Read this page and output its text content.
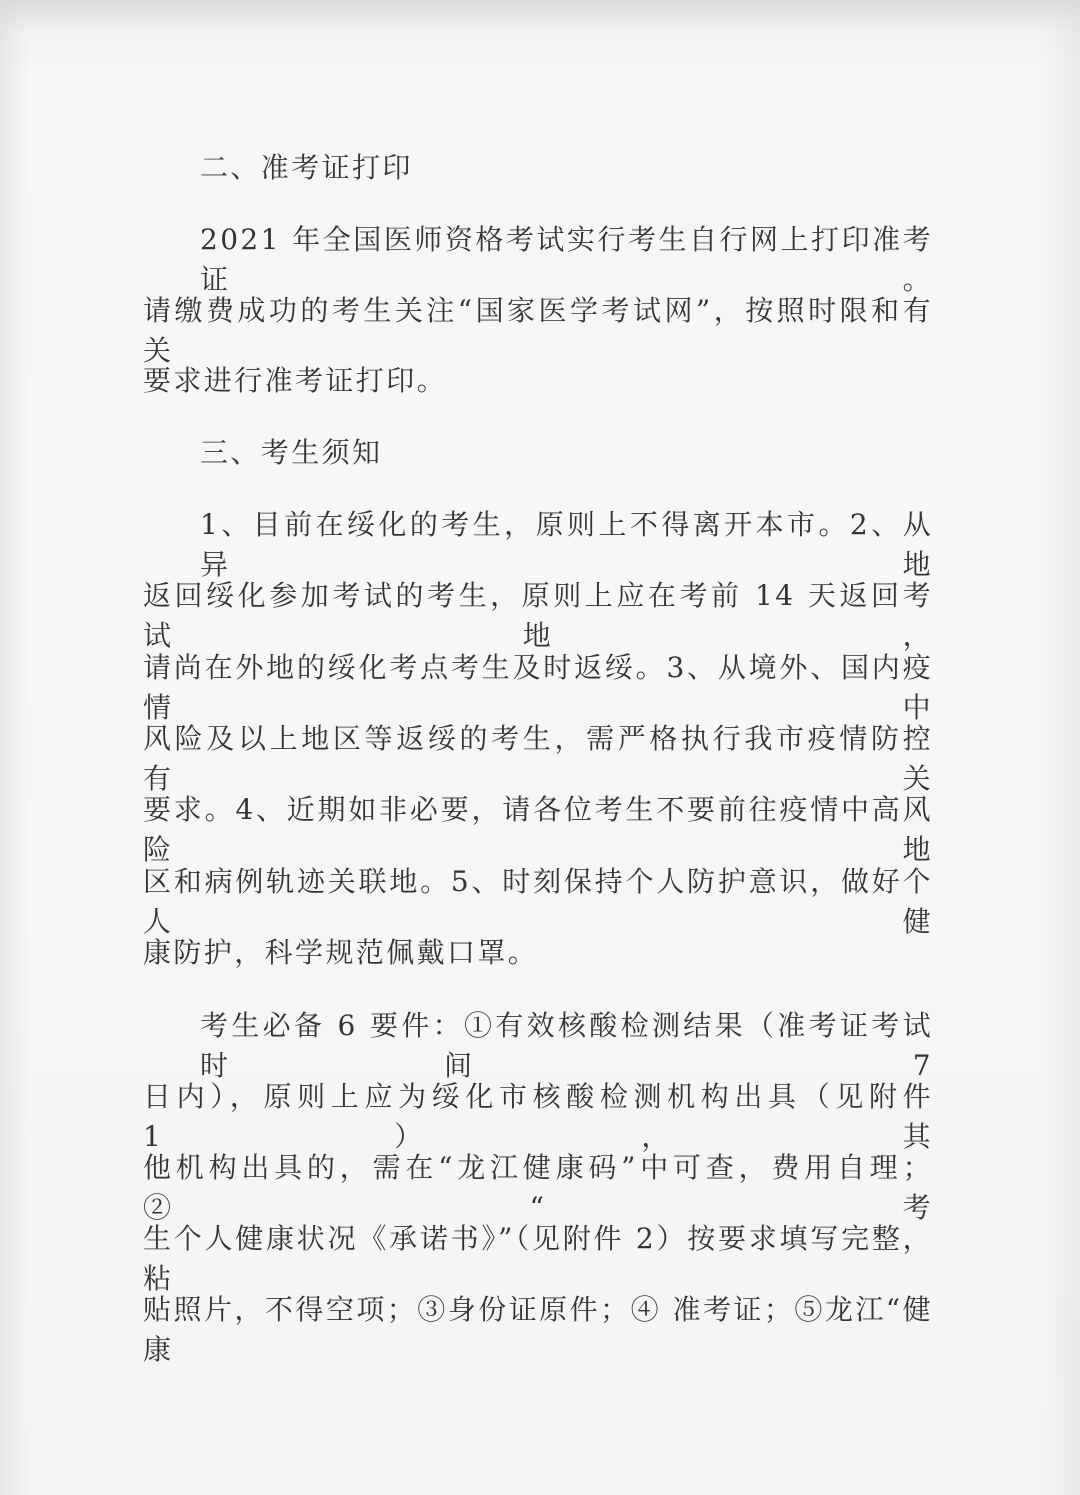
二、准考证打印
2021 年全国医师资格考试实行考生自行网上打印准考证。
请缴费成功的考生关注“国家医学考试网”，按照时限和有关
要求进行准考证打印。
三、考生须知
1、目前在绥化的考生，原则上不得离开本市。2、从异地
返回绥化参加考试的考生，原则上应在考前 14 天返回考试地，
请尚在外地的绥化考点考生及时返绥。3、从境外、国内疫情中
风险及以上地区等返绥的考生，需严格执行我市疫情防控有关
要求。4、近期如非必要，请各位考生不要前往疫情中高风险地
区和病例轨迹关联地。5、时刻保持个人防护意识，做好个人健
康防护，科学规范佩戴口罩。
考生必备 6 要件：①有效核酸检测结果（准考证考试时间 7
日内），原则上应为绥化市核酸检测机构出具（见附件 1），其
他机构出具的，需在“龙江健康码”中可查，费用自理；②“考
生个人健康状况《承诺书》”（见附件 2）按要求填写完整，粘
贴照片，不得空项；③身份证原件；④ 准考证；⑤龙江“健康
